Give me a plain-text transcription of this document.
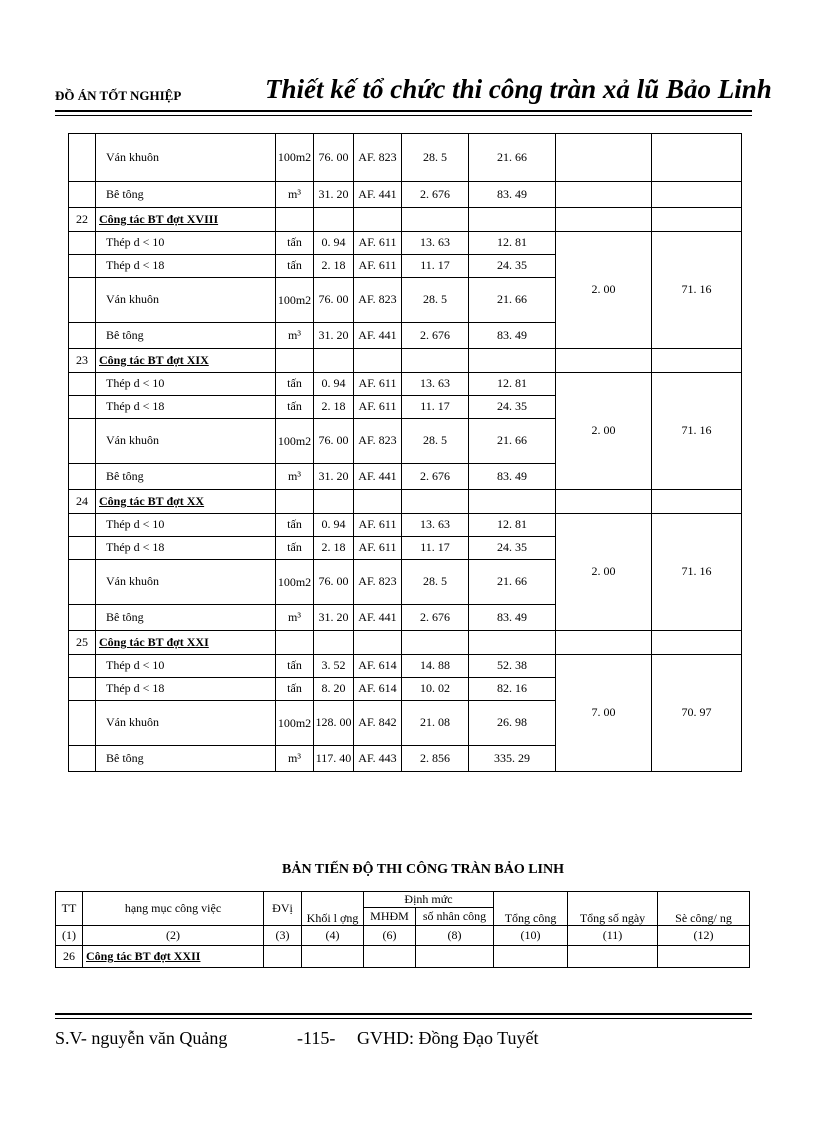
ĐỒ ÁN TỐT NGHIỆP	Thiết kế tổ chức thi công tràn xả lũ Bảo Linh
	Ván khuôn	100m2	76. 00	AF. 823	28. 5	21. 66		
	Bê tông	m³	31. 20	AF. 441	2. 676	83. 49		
22	Công tác BT đợt XVIII							
	Thép d < 10	tấn	0. 94	AF. 611	13. 63	12. 81	2. 00	71. 16
	Thép d < 18	tấn	2. 18	AF. 611	11. 17	24. 35		
	Ván khuôn	100m2	76. 00	AF. 823	28. 5	21. 66		
	Bê tông	m³	31. 20	AF. 441	2. 676	83. 49		
23	Công tác BT đợt XIX							
	Thép d < 10	tấn	0. 94	AF. 611	13. 63	12. 81	2. 00	71. 16
	Thép d < 18	tấn	2. 18	AF. 611	11. 17	24. 35		
	Ván khuôn	100m2	76. 00	AF. 823	28. 5	21. 66		
	Bê tông	m³	31. 20	AF. 441	2. 676	83. 49		
24	Công tác BT đợt XX							
	Thép d < 10	tấn	0. 94	AF. 611	13. 63	12. 81	2. 00	71. 16
	Thép d < 18	tấn	2. 18	AF. 611	11. 17	24. 35		
	Ván khuôn	100m2	76. 00	AF. 823	28. 5	21. 66		
	Bê tông	m³	31. 20	AF. 441	2. 676	83. 49		
25	Công tác BT đợt XXI							
	Thép d < 10	tấn	3. 52	AF. 614	14. 88	52. 38	7. 00	70. 97
	Thép d < 18	tấn	8. 20	AF. 614	10. 02	82. 16		
	Ván khuôn	100m2	128. 00	AF. 842	21. 08	26. 98		
	Bê tông	m³	117. 40	AF. 443	2. 856	335. 29		
BẢN TIẾN ĐỘ THI CÔNG TRÀN BẢO LINH
TT	hạng mục công việc	ĐVị	Khối l ợng	Định mức		Tổng công	Tổng số ngày	Sè công/ ng
				MHĐM	số nhân công			
(1)	(2)	(3)	(4)	(6)	(8)	(10)	(11)	(12)
26	Công tác BT đợt XXII							
S.V- nguyễn văn Quảng	-115- GVHD: Đồng Đạo Tuyết
